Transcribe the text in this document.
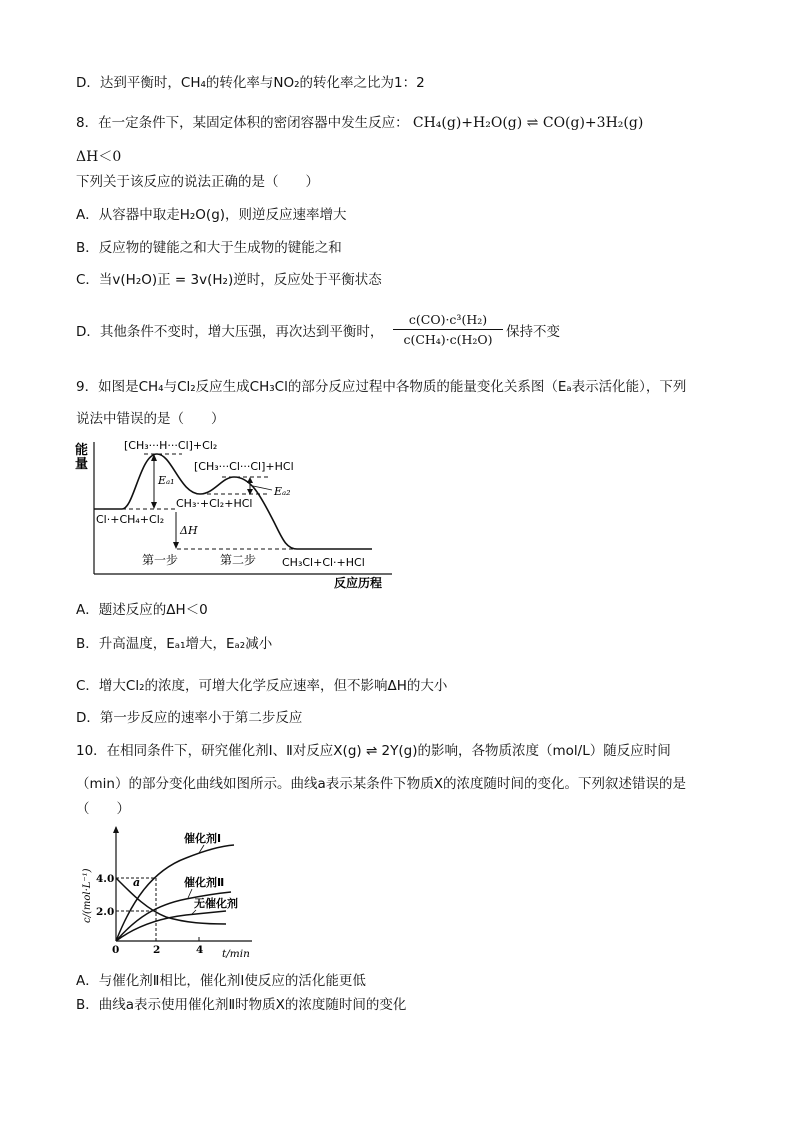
D．达到平衡时，CH₄的转化率与NO₂的转化率之比为1：2
8．在一定条件下，某固定体积的密闭容器中发生反应： CH₄(g)+H₂O(g) ⇌ CO(g)+3H₂(g)
ΔH＜0
下列关于该反应的说法正确的是（　　）
A．从容器中取走H₂O(g)，则逆反应速率增大
B．反应物的键能之和大于生成物的键能之和
C．当v(H₂O)正 = 3v(H₂)逆时，反应处于平衡状态
D．其他条件不变时，增大压强，再次达到平衡时， $\frac{\text{c(CO)·c³(H₂)}}{\text{c(CH₄)·c(H₂O)}}$ 保持不变
9．如图是CH₄与Cl₂反应生成CH₃Cl的部分反应过程中各物质的能量变化关系图（Eₐ表示活化能），下列
说法中错误的是（　　）
能
量
反应历程
Eₐ₁
ΔH
Eₐ₂
[CH₃···H···Cl]+Cl₂
[CH₃···Cl···Cl]+HCl
Cl·+CH₄+Cl₂
CH₃·+Cl₂+HCl
CH₃Cl+Cl·+HCl
第一步	第二步
A．题述反应的ΔH＜0
B．升高温度，Eₐ₁增大，Eₐ₂减小
C．增大Cl₂的浓度，可增大化学反应速率，但不影响ΔH的大小
D．第一步反应的速率小于第二步反应
10．在相同条件下，研究催化剂Ⅰ、Ⅱ对反应X(g) ⇌ 2Y(g)的影响，各物质浓度（mol/L）随反应时间
（min）的部分变化曲线如图所示。曲线a表示某条件下物质X的浓度随时间的变化。下列叙述错误的是
（　　）
c/(mol·L⁻¹)
t/min
4.0
2.0
0	2	4
a
催化剂Ⅰ
催化剂Ⅱ
无催化剂
A．与催化剂Ⅱ相比，催化剂Ⅰ使反应的活化能更低
B．曲线a表示使用催化剂Ⅱ时物质X的浓度随时间的变化
